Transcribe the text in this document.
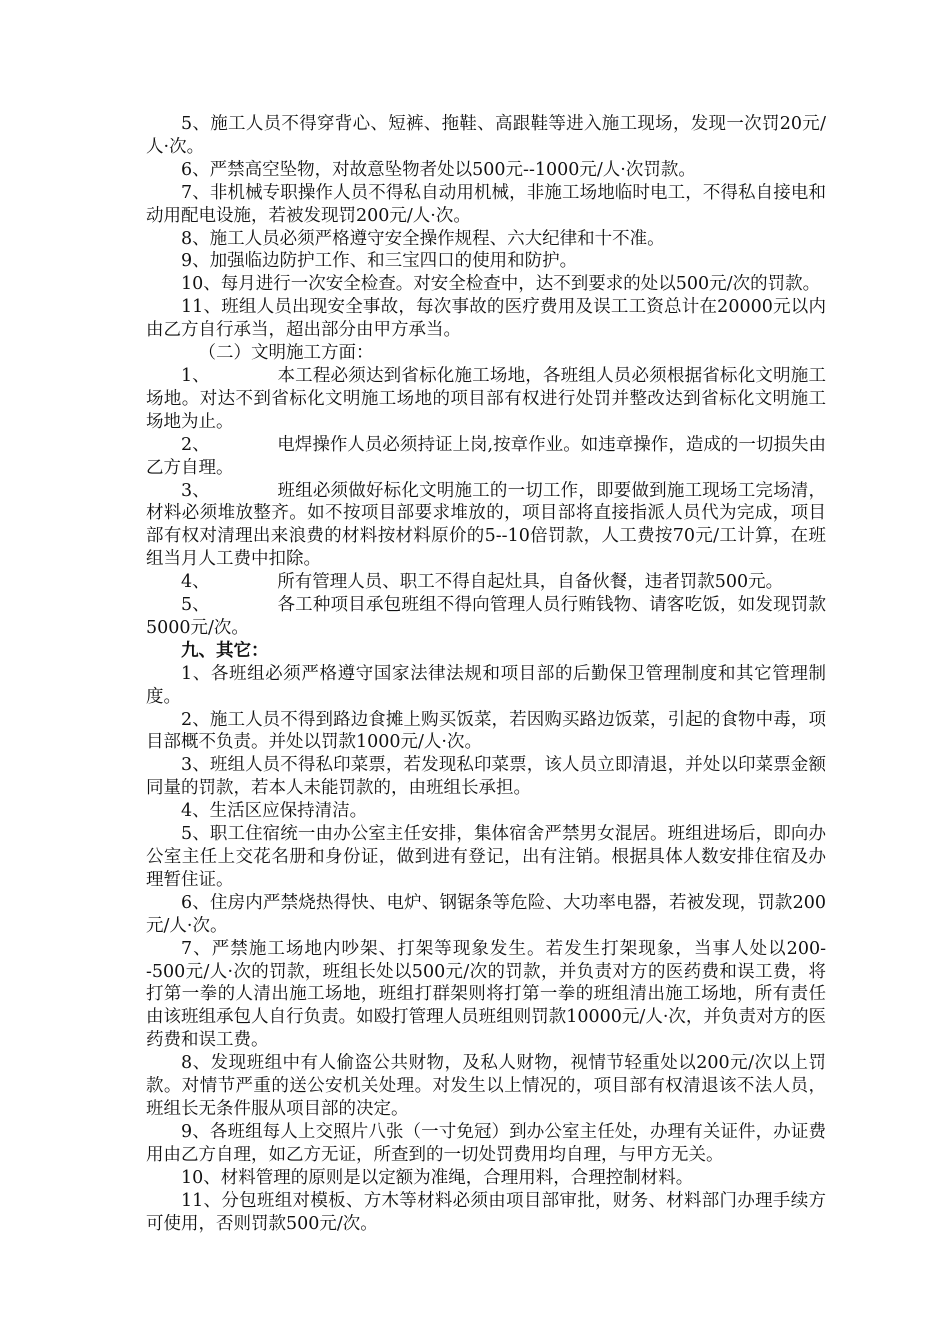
5、施工人员不得穿背心、短裤、拖鞋、高跟鞋等进入施工现场，发现一次罚20元/人·次。

6、严禁高空坠物，对故意坠物者处以500元--1000元/人·次罚款。

7、非机械专职操作人员不得私自动用机械，非施工场地临时电工，不得私自接电和动用配电设施，若被发现罚200元/人·次。

8、施工人员必须严格遵守安全操作规程、六大纪律和十不准。

9、加强临边防护工作、和三宝四口的使用和防护。

10、每月进行一次安全检查。对安全检查中，达不到要求的处以500元/次的罚款。

11、班组人员出现安全事故，每次事故的医疗费用及误工工资总计在20000元以内由乙方自行承当，超出部分由甲方承当。

（二）文明施工方面：

1、	本工程必须达到省标化施工场地，各班组人员必须根据省标化文明施工场地。对达不到省标化文明施工场地的项目部有权进行处罚并整改达到省标化文明施工场地为止。

2、	电焊操作人员必须持证上岗,按章作业。如违章操作，造成的一切损失由乙方自理。

3、	班组必须做好标化文明施工的一切工作，即要做到施工现场工完场清，材料必须堆放整齐。如不按项目部要求堆放的，项目部将直接指派人员代为完成，项目部有权对清理出来浪费的材料按材料原价的5--10倍罚款，人工费按70元/工计算，在班组当月人工费中扣除。

4、	所有管理人员、职工不得自起灶具，自备伙餐，违者罚款500元。

5、	各工种项目承包班组不得向管理人员行贿钱物、请客吃饭，如发现罚款5000元/次。

九、其它：

1、各班组必须严格遵守国家法律法规和项目部的后勤保卫管理制度和其它管理制度。

2、施工人员不得到路边食摊上购买饭菜，若因购买路边饭菜，引起的食物中毒，项目部概不负责。并处以罚款1000元/人·次。

3、班组人员不得私印菜票，若发现私印菜票，该人员立即清退，并处以印菜票金额同量的罚款，若本人未能罚款的，由班组长承担。

4、生活区应保持清洁。

5、职工住宿统一由办公室主任安排，集体宿舍严禁男女混居。班组进场后，即向办公室主任上交花名册和身份证，做到进有登记，出有注销。根据具体人数安排住宿及办理暂住证。

6、住房内严禁烧热得快、电炉、钢锯条等危险、大功率电器，若被发现，罚款200元/人·次。

7、严禁施工场地内吵架、打架等现象发生。若发生打架现象，当事人处以200--500元/人·次的罚款，班组长处以500元/次的罚款，并负责对方的医药费和误工费，将打第一拳的人清出施工场地，班组打群架则将打第一拳的班组清出施工场地，所有责任由该班组承包人自行负责。如殴打管理人员班组则罚款10000元/人·次，并负责对方的医药费和误工费。

8、发现班组中有人偷盗公共财物，及私人财物，视情节轻重处以200元/次以上罚款。对情节严重的送公安机关处理。对发生以上情况的，项目部有权清退该不法人员，班组长无条件服从项目部的决定。

9、各班组每人上交照片八张（一寸免冠）到办公室主任处，办理有关证件，办证费用由乙方自理，如乙方无证，所查到的一切处罚费用均自理，与甲方无关。

10、材料管理的原则是以定额为准绳，合理用料，合理控制材料。

11、分包班组对模板、方木等材料必须由项目部审批，财务、材料部门办理手续方可使用，否则罚款500元/次。
